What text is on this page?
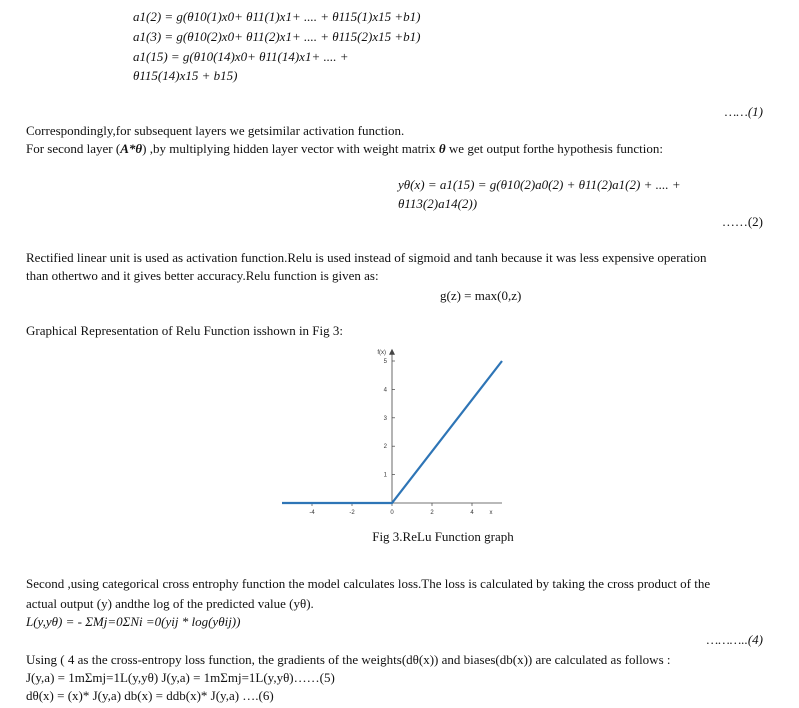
a1(2) = g(θ10(1)x0+ θ11(1)x1+ .... + θ115(1)x15 +b1)
a1(3) = g(θ10(2)x0+ θ11(2)x1+ .... + θ115(2)x15 +b1)
a1(15) = g(θ10(14)x0+ θ11(14)x1+ .... +
θ115(14)x15 + b15)
……(1)
Correspondingly,for subsequent layers we getsimilar activation function.
For second layer (A*θ) ,by multiplying hidden layer vector with weight matrix θ we get output forthe hypothesis function:
yθ(x) = a1(15) = g(θ10(2)a0(2) + θ11(2)a1(2) + .... +
θ113(2)a14(2))
……(2)
Rectified linear unit is used as activation function.Relu is used instead of sigmoid and tanh because it was less expensive operation
than othertwo and it gives better accuracy.Relu function is given as:
g(z) = max(0,z)
Graphical Representation of Relu Function isshown in Fig 3:
-4	-2	0	2	4
1
2
3
4
5
x
f(x)
Fig 3.ReLu Function graph
Second ,using categorical cross entrophy function the model calculates loss.The loss is calculated by taking the cross product of the
actual output (y) andthe log of the predicted value (yθ).
L(y,yθ) = - ΣMj=0ΣNi =0(yij * log(yθij))
………..(4)
Using ( 4 as the cross-entropy loss function, the gradients of the weights(dθ(x)) and biases(db(x)) are calculated as follows :
J(y,a) = 1mΣmj=1L(y,yθ) J(y,a) = 1mΣmj=1L(y,yθ)……(5)
dθ(x) = (x)* J(y,a) db(x) = ddb(x)* J(y,a) ….(6)
